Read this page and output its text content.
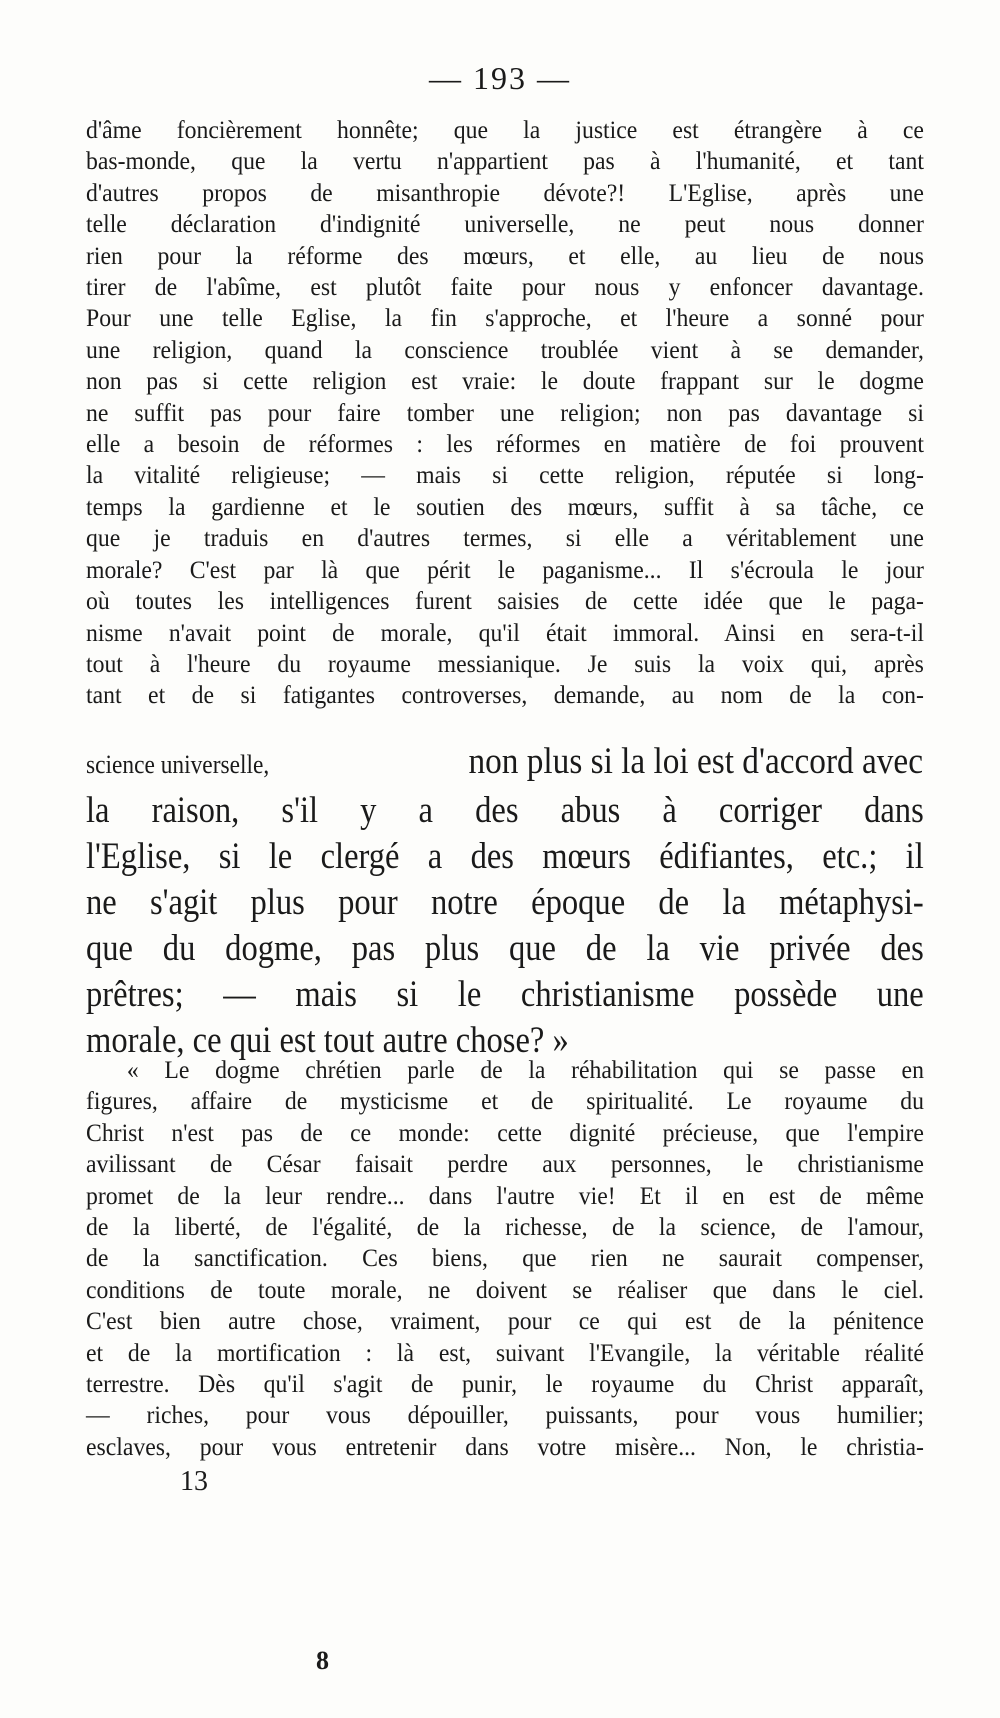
— 193 —
d'âme foncièrement honnête; que la justice est étrangère à ce
bas-monde, que la vertu n'appartient pas à l'humanité, et tant
d'autres propos de misanthropie dévote?! L'Eglise, après une
telle déclaration d'indignité universelle, ne peut nous donner
rien pour la réforme des mœurs, et elle, au lieu de nous
tirer de l'abîme, est plutôt faite pour nous y enfoncer davantage.
Pour une telle Eglise, la fin s'approche, et l'heure a sonné pour
une religion, quand la conscience troublée vient à se demander,
non pas si cette religion est vraie: le doute frappant sur le dogme
ne suffit pas pour faire tomber une religion; non pas davantage si
elle a besoin de réformes : les réformes en matière de foi prouvent
la vitalité religieuse; — mais si cette religion, réputée si long-
temps la gardienne et le soutien des mœurs, suffit à sa tâche, ce
que je traduis en d'autres termes, si elle a véritablement une
morale? C'est par là que périt le paganisme... Il s'écroula le jour
où toutes les intelligences furent saisies de cette idée que le paga-
nisme n'avait point de morale, qu'il était immoral. Ainsi en sera-t-il
tout à l'heure du royaume messianique. Je suis la voix qui, après
tant et de si fatigantes controverses, demande, au nom de la con-
science universelle,	non plus si la loi est d'accord avec
la raison, s'il y a des abus à corriger dans
l'Eglise, si le clergé a des mœurs édifiantes, etc.; il
ne s'agit plus pour notre époque de la métaphysi-
que du dogme, pas plus que de la vie privée des
prêtres; — mais si le christianisme possède une
morale, ce qui est tout autre chose? »
« Le dogme chrétien parle de la réhabilitation qui se passe en
figures, affaire de mysticisme et de spiritualité. Le royaume du
Christ n'est pas de ce monde: cette dignité précieuse, que l'empire
avilissant de César faisait perdre aux personnes, le christianisme
promet de la leur rendre... dans l'autre vie! Et il en est de même
de la liberté, de l'égalité, de la richesse, de la science, de l'amour,
de la sanctification. Ces biens, que rien ne saurait compenser,
conditions de toute morale, ne doivent se réaliser que dans le ciel.
C'est bien autre chose, vraiment, pour ce qui est de la pénitence
et de la mortification : là est, suivant l'Evangile, la véritable réalité
terrestre. Dès qu'il s'agit de punir, le royaume du Christ apparaît,
— riches, pour vous dépouiller, puissants, pour vous humilier;
esclaves, pour vous entretenir dans votre misère... Non, le christia-
13
8
